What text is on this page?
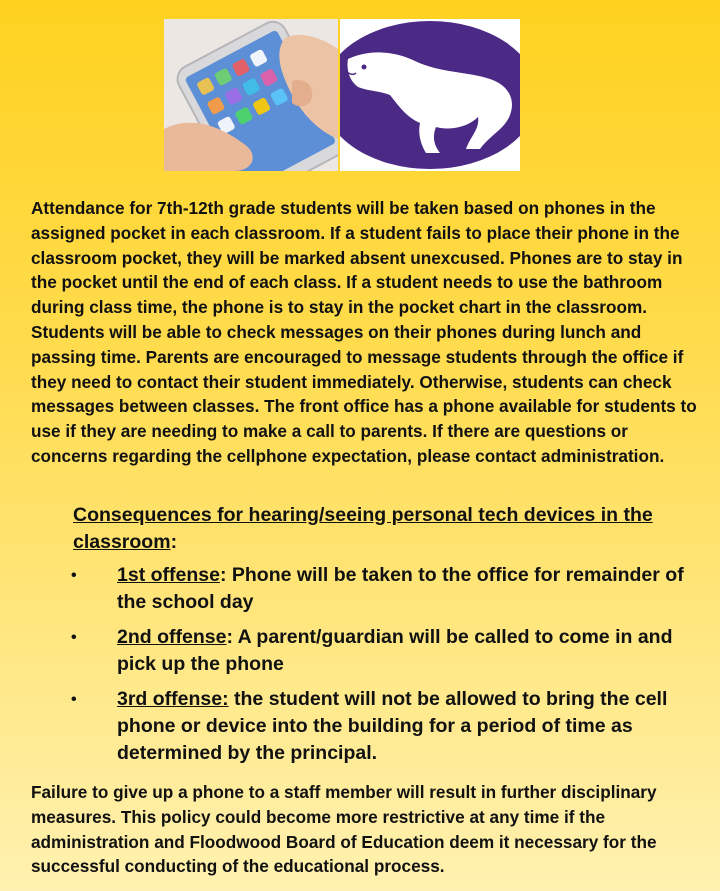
Attendance for 7th-12th grade students will be taken based on phones in the assigned pocket in each classroom. If a student fails to place their phone in the classroom pocket, they will be marked absent unexcused. Phones are to stay in the pocket until the end of each class. If a student needs to use the bathroom during class time, the phone is to stay in the pocket chart in the classroom. Students will be able to check messages on their phones during lunch and passing time. Parents are encouraged to message students through the office if they need to contact their student immediately. Otherwise, students can check messages between classes. The front office has a phone available for students to use if they are needing to make a call to parents. If there are questions or concerns regarding the cellphone expectation, please contact administration.

Consequences for hearing/seeing personal tech devices in the classroom:

• 1st offense: Phone will be taken to the office for remainder of the school day
• 2nd offense: A parent/guardian will be called to come in and pick up the phone
• 3rd offense: the student will not be allowed to bring the cell phone or device into the building for a period of time as determined by the principal.

Failure to give up a phone to a staff member will result in further disciplinary measures. This policy could become more restrictive at any time if the administration and Floodwood Board of Education deem it necessary for the successful conducting of the educational process.
